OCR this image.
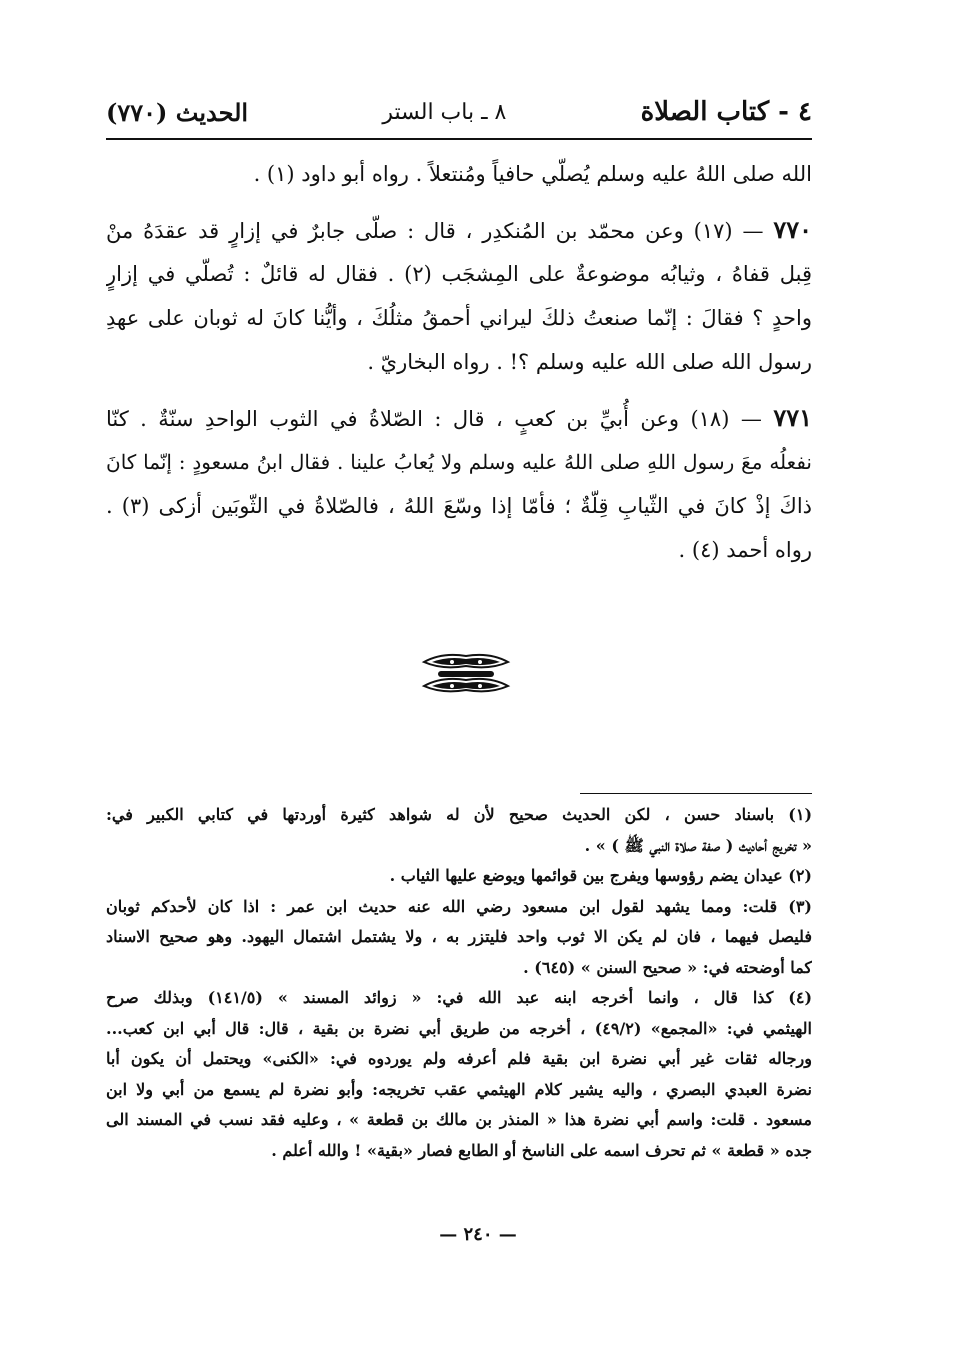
٤ - كتاب الصلاة
٨ ـ باب الستر
الحديث (٧٧٠)
الله صلى اللهُ عليه وسلم يُصلّي حافياً ومُنتعلاً . رواه أبو داود (١) .
٧٧٠ — (١٧) وعن محمّد بن المُنكدِر ، قال : صلّى جابرٌ في إزارٍ قد عقدَهُ منْ
قِبل قفاهُ ، وثيابُه موضوعةٌ على المِشجَب (٢) . فقال له قائلٌ : تُصلّي في إزارٍ
واحدٍ ؟ فقالَ : إنّما صنعتُ ذلكَ ليراني أحمقُ مثلُكَ ، وأيُّنا كانَ له ثوبان على عهدِ
رسول الله صلى الله عليه وسلم ؟! . رواه البخاريّ .
٧٧١ — (١٨) وعن أُبيِّ بن كعبٍ ، قال : الصّلاةُ في الثوب الواحدِ سنّةٌ . كنّا
نفعلُه معَ رسول اللهِ صلى اللهُ عليه وسلم ولا يُعابُ علينا . فقال ابنُ مسعودٍ : إنّما كانَ
ذاكَ إذْ كانَ في الثّيابِ قِلّةٌ ؛ فأمّا إذا وسّعَ اللهُ ، فالصّلاةُ في الثّوبَين أزكى (٣) .
رواه أحمد (٤) .
(١) باسناد حسن ، لكن الحديث صحيح لأن له شواهد كثيرة أوردتها في كتابي الكبير في:
« تخريج أحاديث ( صفة صلاة النبي ﷺ ) » .
(٢) عيدان يضم رؤوسها ويفرج بين قوائمها ويوضع عليها الثياب .
(٣) قلت: ومما يشهد لقول ابن مسعود رضي الله عنه حديث ابن عمر : اذا كان لأحدكم ثوبان
فليصل فيهما ، فان لم يكن الا ثوب واحد فليتزر به ، ولا يشتمل اشتمال اليهود. وهو صحيح الاسناد
كما أوضحته في: « صحيح السنن » (٦٤٥) .
(٤) كذا قال ، وانما أخرجه ابنه عبد الله في: « زوائد المسند » (١٤١/٥) وبذلك صرح
الهيثمي في: «المجمع» (٤٩/٢) ، أخرجه من طريق أبي نضرة بن بقية ، قال: قال أبي ابن كعب...
ورجاله ثقات غير أبي نضرة ابن بقية فلم أعرفه ولم يوردوه في: «الكنى» ويحتمل أن يكون أبا
نضرة العبدي البصري ، واليه يشير كلام الهيثمي عقب تخريجه: وأبو نضرة لم يسمع من أبي ولا ابن
مسعود . قلت: واسم أبي نضرة هذا « المنذر بن مالك بن قطعة » ، وعليه فقد نسب في المسند الى
جده « قطعة » ثم تحرف اسمه على الناسخ أو الطابع فصار «بقية» ! والله أعلم .
— ٢٤٠ —
